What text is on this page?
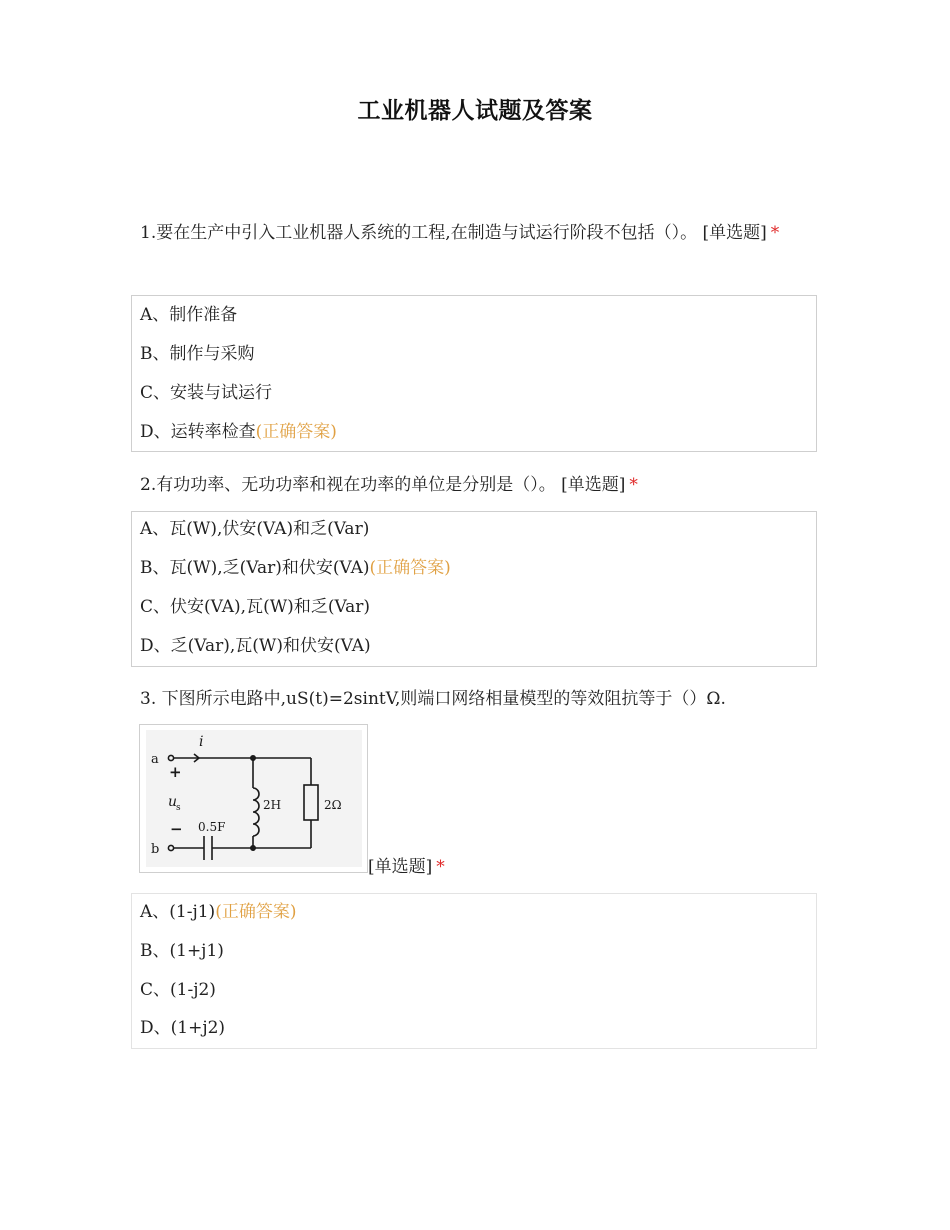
工业机器人试题及答案
1.要在生产中引入工业机器人系统的工程,在制造与试运行阶段不包括（）。 [单选题] *
A、制作准备
B、制作与采购
C、安装与试运行
D、运转率检查(正确答案)
2.有功功率、无功功率和视在功率的单位是分别是（）。 [单选题] *
A、瓦(W),伏安(VA)和乏(Var)
B、瓦(W),乏(Var)和伏安(VA)(正确答案)
C、伏安(VA),瓦(W)和乏(Var)
D、乏(Var),瓦(W)和伏安(VA)
3. 下图所示电路中,uS(t)=2sintV,则端口网络相量模型的等效阻抗等于（）Ω.
i
a
+
u
s
− 0.5F
2H	2Ω
b
[单选题] *
A、(1-j1)(正确答案)
B、(1+j1)
C、(1-j2)
D、(1+j2)
